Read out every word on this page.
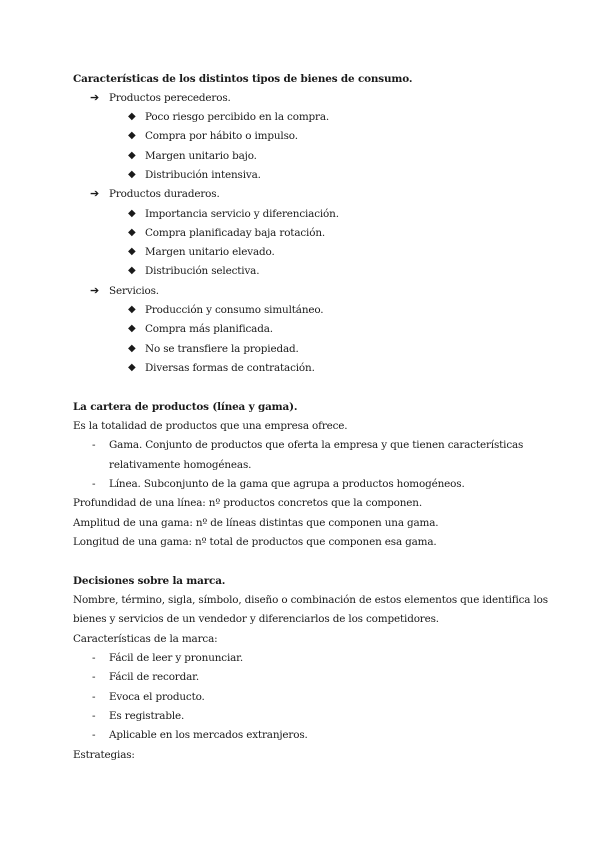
Características de los distintos tipos de bienes de consumo.
➔ Productos perecederos.
◆ Poco riesgo percibido en la compra.
◆ Compra por hábito o impulso.
◆ Margen unitario bajo.
◆ Distribución intensiva.
➔ Productos duraderos.
◆ Importancia servicio y diferenciación.
◆ Compra planificaday baja rotación.
◆ Margen unitario elevado.
◆ Distribución selectiva.
➔ Servicios.
◆ Producción y consumo simultáneo.
◆ Compra más planificada.
◆ No se transfiere la propiedad.
◆ Diversas formas de contratación.
La cartera de productos (línea y gama).
Es la totalidad de productos que una empresa ofrece.
- Gama. Conjunto de productos que oferta la empresa y que tienen características
relativamente homogéneas.
- Línea. Subconjunto de la gama que agrupa a productos homogéneos.
Profundidad de una línea: nº productos concretos que la componen.
Amplitud de una gama: nº de líneas distintas que componen una gama.
Longitud de una gama: nº total de productos que componen esa gama.
Decisiones sobre la marca.
Nombre, término, sigla, símbolo, diseño o combinación de estos elementos que identifica los
bienes y servicios de un vendedor y diferenciarlos de los competidores.
Características de la marca:
- Fácil de leer y pronunciar.
- Fácil de recordar.
- Evoca el producto.
- Es registrable.
- Aplicable en los mercados extranjeros.
Estrategias:
